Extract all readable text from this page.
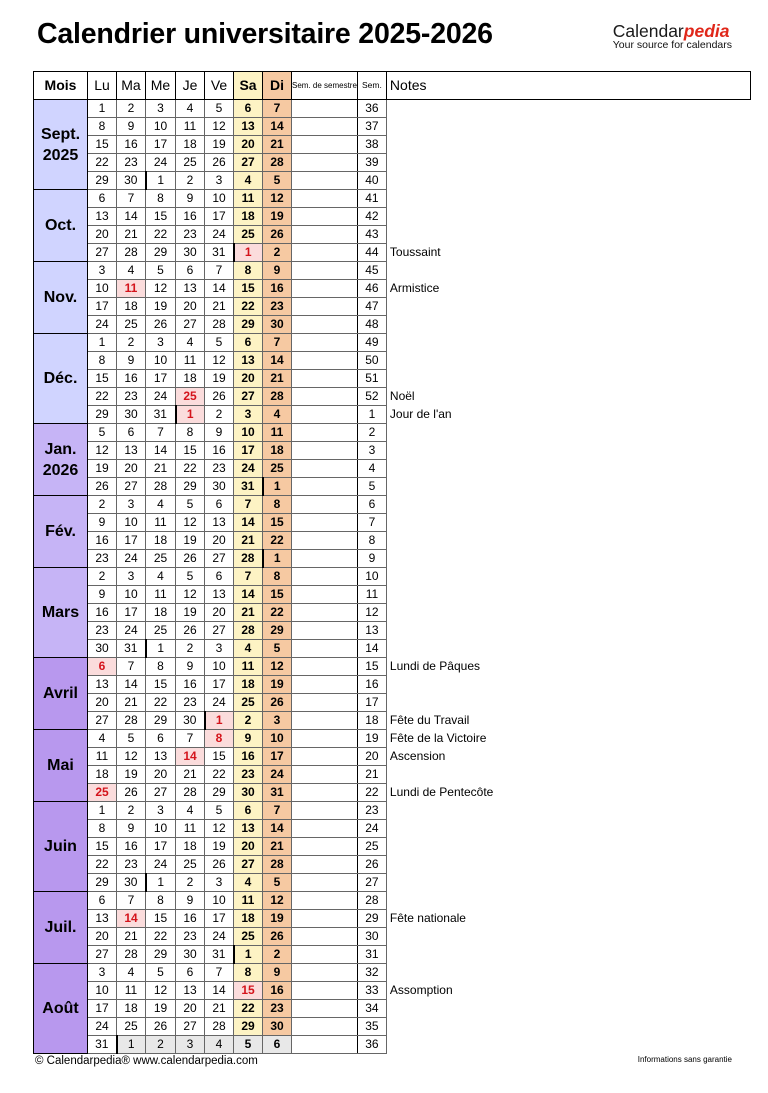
Calendrier universitaire 2025-2026	Calendarpedia
Your source for calendars
Mois	Lu	Ma	Me	Je	Ve	Sa	Di	Sem. de semestre	Sem.	Notes
Sept. 2025	1	2	3	4	5	6	7		36	
	8	9	10	11	12	13	14		37	
	15	16	17	18	19	20	21		38	
	22	23	24	25	26	27	28		39	
	29	30	1	2	3	4	5		40	
Oct.	6	7	8	9	10	11	12		41	
	13	14	15	16	17	18	19		42	
	20	21	22	23	24	25	26		43	
	27	28	29	30	31	1	2		44	Toussaint
Nov.	3	4	5	6	7	8	9		45	
	10	11	12	13	14	15	16		46	Armistice
	17	18	19	20	21	22	23		47	
	24	25	26	27	28	29	30		48	
Déc.	1	2	3	4	5	6	7		49	
	8	9	10	11	12	13	14		50	
	15	16	17	18	19	20	21		51	
	22	23	24	25	26	27	28		52	Noël
	29	30	31	1	2	3	4		1	Jour de l'an
Jan. 2026	5	6	7	8	9	10	11		2	
	12	13	14	15	16	17	18		3	
	19	20	21	22	23	24	25		4	
	26	27	28	29	30	31	1		5	
Fév.	2	3	4	5	6	7	8		6	
	9	10	11	12	13	14	15		7	
	16	17	18	19	20	21	22		8	
	23	24	25	26	27	28	1		9	
Mars	2	3	4	5	6	7	8		10	
	9	10	11	12	13	14	15		11	
	16	17	18	19	20	21	22		12	
	23	24	25	26	27	28	29		13	
	30	31	1	2	3	4	5		14	
Avril	6	7	8	9	10	11	12		15	Lundi de Pâques
	13	14	15	16	17	18	19		16	
	20	21	22	23	24	25	26		17	
	27	28	29	30	1	2	3		18	Fête du Travail
Mai	4	5	6	7	8	9	10		19	Fête de la Victoire
	11	12	13	14	15	16	17		20	Ascension
	18	19	20	21	22	23	24		21	
	25	26	27	28	29	30	31		22	Lundi de Pentecôte
Juin	1	2	3	4	5	6	7		23	
	8	9	10	11	12	13	14		24	
	15	16	17	18	19	20	21		25	
	22	23	24	25	26	27	28		26	
	29	30	1	2	3	4	5		27	
Juil.	6	7	8	9	10	11	12		28	
	13	14	15	16	17	18	19		29	Fête nationale
	20	21	22	23	24	25	26		30	
	27	28	29	30	31	1	2		31	
Août	3	4	5	6	7	8	9		32	
	10	11	12	13	14	15	16		33	Assomption
	17	18	19	20	21	22	23		34	
	24	25	26	27	28	29	30		35	
	31	1	2	3	4	5	6		36	
© Calendarpedia® www.calendarpedia.com	Informations sans garantie
